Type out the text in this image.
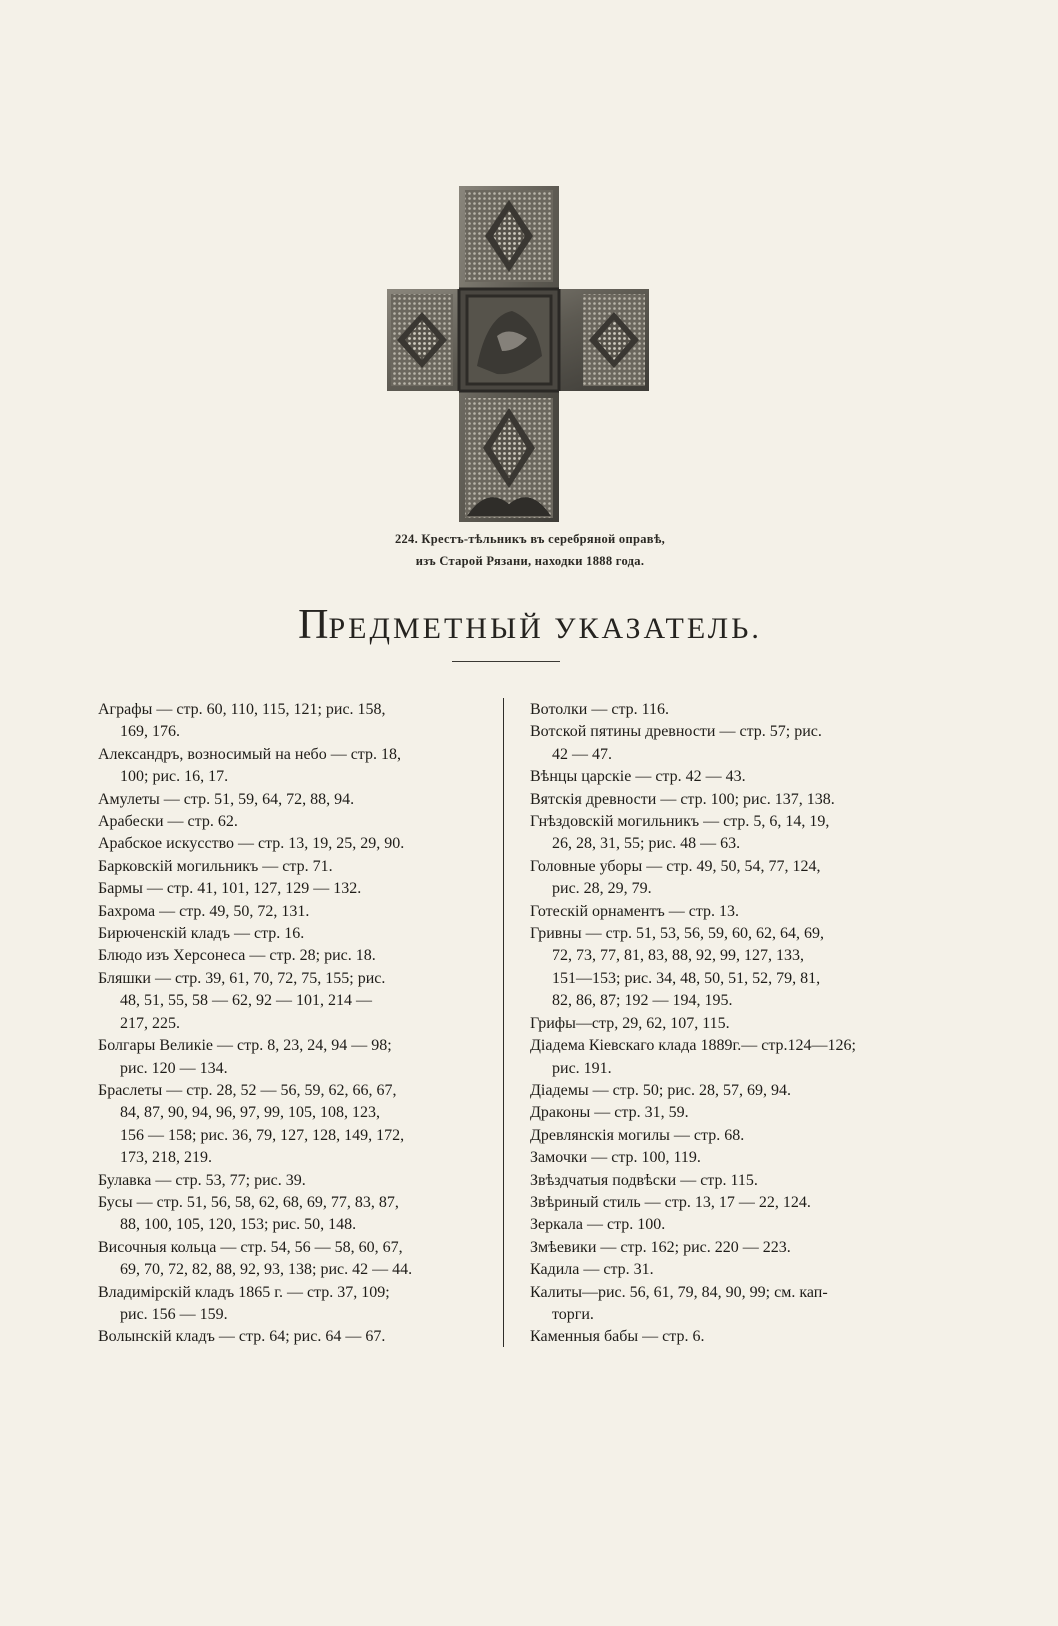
224. Крестъ-тѣльникъ въ серебряной оправѣ,
изъ Старой Рязани, находки 1888 года.
ПРЕДМЕТНЫЙ УКАЗАТЕЛЬ.
Аграфы — стр. 60, 110, 115, 121; рис. 158,
169, 176.
Александръ, возносимый на небо — стр. 18,
100; рис. 16, 17.
Амулеты — стр. 51, 59, 64, 72, 88, 94.
Арабески — стр. 62.
Арабское искусство — стр. 13, 19, 25, 29, 90.
Барковскій могильникъ — стр. 71.
Бармы — стр. 41, 101, 127, 129 — 132.
Бахрома — стр. 49, 50, 72, 131.
Бирюченскій кладъ — стр. 16.
Блюдо изъ Херсонеса — стр. 28; рис. 18.
Бляшки — стр. 39, 61, 70, 72, 75, 155; рис.
48, 51, 55, 58 — 62, 92 — 101, 214 —
217, 225.
Болгары Великіе — стр. 8, 23, 24, 94 — 98;
рис. 120 — 134.
Браслеты — стр. 28, 52 — 56, 59, 62, 66, 67,
84, 87, 90, 94, 96, 97, 99, 105, 108, 123,
156 — 158; рис. 36, 79, 127, 128, 149, 172,
173, 218, 219.
Булавка — стр. 53, 77; рис. 39.
Бусы — стр. 51, 56, 58, 62, 68, 69, 77, 83, 87,
88, 100, 105, 120, 153; рис. 50, 148.
Височныя кольца — стр. 54, 56 — 58, 60, 67,
69, 70, 72, 82, 88, 92, 93, 138; рис. 42 — 44.
Владимірскій кладъ 1865 г. — стр. 37, 109;
рис. 156 — 159.
Волынскій кладъ — стр. 64; рис. 64 — 67.
Вотолки — стр. 116.
Вотской пятины древности — стр. 57; рис.
42 — 47.
Вѣнцы царскіе — стр. 42 — 43.
Вятскія древности — стр. 100; рис. 137, 138.
Гнѣздовскій могильникъ — стр. 5, 6, 14, 19,
26, 28, 31, 55; рис. 48 — 63.
Головные уборы — стр. 49, 50, 54, 77, 124,
рис. 28, 29, 79.
Готескій орнаментъ — стр. 13.
Гривны — стр. 51, 53, 56, 59, 60, 62, 64, 69,
72, 73, 77, 81, 83, 88, 92, 99, 127, 133,
151—153; рис. 34, 48, 50, 51, 52, 79, 81,
82, 86, 87; 192 — 194, 195.
Грифы—стр, 29, 62, 107, 115.
Діадема Кіевскаго клада 1889г.— стр.124—126;
рис. 191.
Діадемы — стр. 50; рис. 28, 57, 69, 94.
Драконы — стр. 31, 59.
Древлянскія могилы — стр. 68.
Замочки — стр. 100, 119.
Звѣздчатыя подвѣски — стр. 115.
Звѣриный стиль — стр. 13, 17 — 22, 124.
Зеркала — стр. 100.
Змѣевики — стр. 162; рис. 220 — 223.
Кадила — стр. 31.
Калиты—рис. 56, 61, 79, 84, 90, 99; см. кап-
торги.
Каменныя бабы — стр. 6.
